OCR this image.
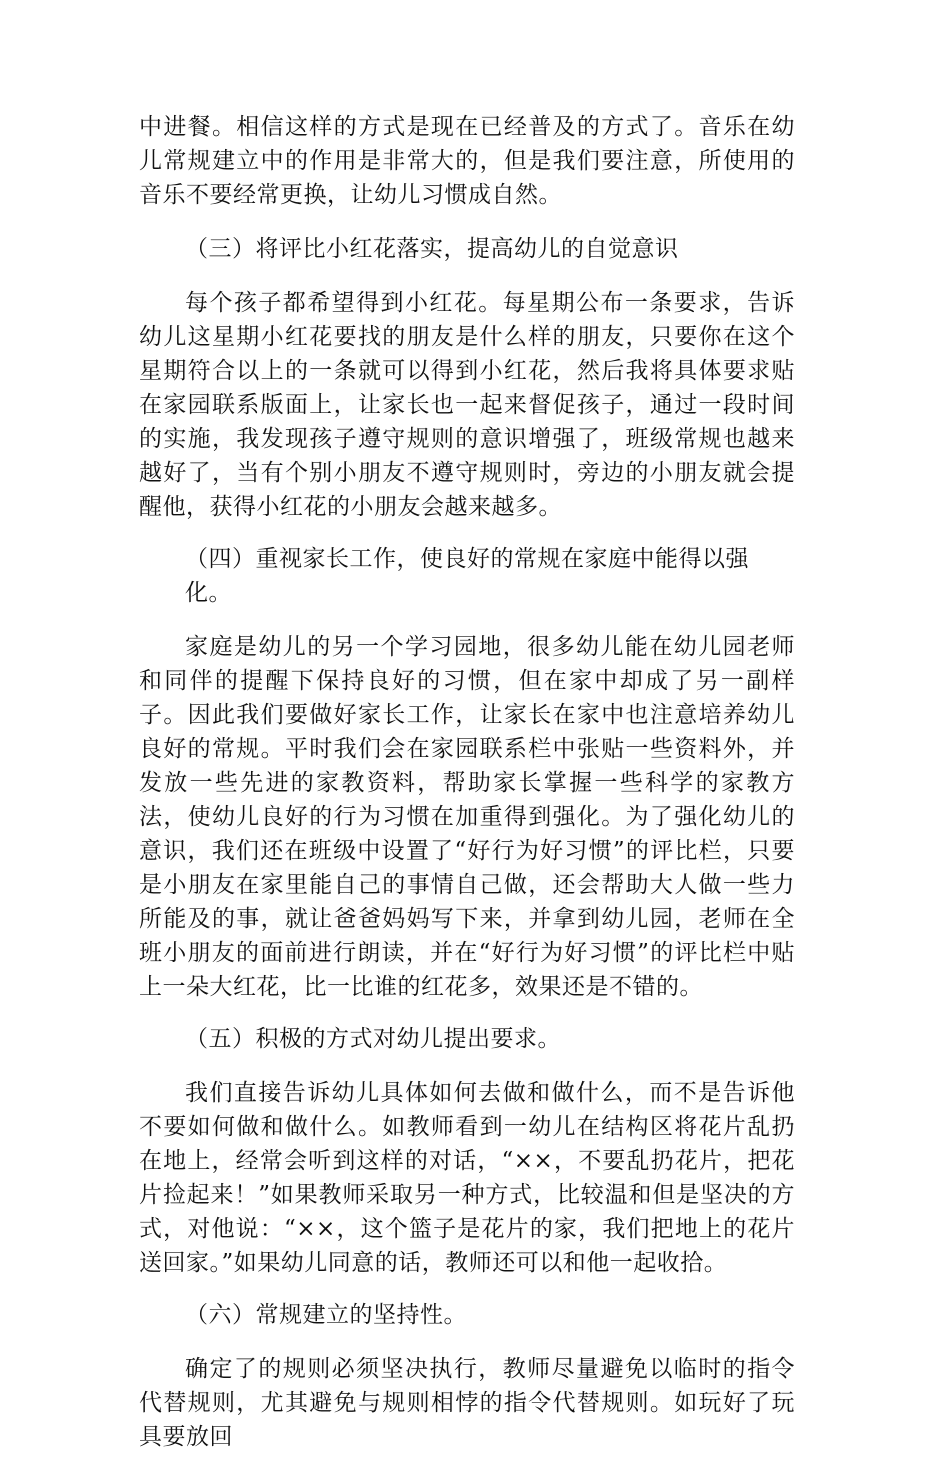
中进餐。相信这样的方式是现在已经普及的方式了。音乐在幼儿常规建立中的作用是非常大的，但是我们要注意，所使用的音乐不要经常更换，让幼儿习惯成自然。

（三）将评比小红花落实，提高幼儿的自觉意识

每个孩子都希望得到小红花。每星期公布一条要求，告诉幼儿这星期小红花要找的朋友是什么样的朋友，只要你在这个星期符合以上的一条就可以得到小红花，然后我将具体要求贴在家园联系版面上，让家长也一起来督促孩子，通过一段时间的实施，我发现孩子遵守规则的意识增强了，班级常规也越来越好了，当有个别小朋友不遵守规则时，旁边的小朋友就会提醒他，获得小红花的小朋友会越来越多。

（四）重视家长工作，使良好的常规在家庭中能得以强化。

家庭是幼儿的另一个学习园地，很多幼儿能在幼儿园老师和同伴的提醒下保持良好的习惯，但在家中却成了另一副样子。因此我们要做好家长工作，让家长在家中也注意培养幼儿良好的常规。平时我们会在家园联系栏中张贴一些资料外，并发放一些先进的家教资料，帮助家长掌握一些科学的家教方法，使幼儿良好的行为习惯在加重得到强化。为了强化幼儿的意识，我们还在班级中设置了“好行为好习惯”的评比栏，只要是小朋友在家里能自己的事情自己做，还会帮助大人做一些力所能及的事，就让爸爸妈妈写下来，并拿到幼儿园，老师在全班小朋友的面前进行朗读，并在“好行为好习惯”的评比栏中贴上一朵大红花，比一比谁的红花多，效果还是不错的。

（五）积极的方式对幼儿提出要求。

我们直接告诉幼儿具体如何去做和做什么，而不是告诉他不要如何做和做什么。如教师看到一幼儿在结构区将花片乱扔在地上，经常会听到这样的对话，“××，不要乱扔花片，把花片捡起来！”如果教师采取另一种方式，比较温和但是坚决的方式，对他说：“××，这个篮子是花片的家，我们把地上的花片送回家。”如果幼儿同意的话，教师还可以和他一起收拾。

（六）常规建立的坚持性。

确定了的规则必须坚决执行，教师尽量避免以临时的指令代替规则，尤其避免与规则相悖的指令代替规则。如玩好了玩具要放回
